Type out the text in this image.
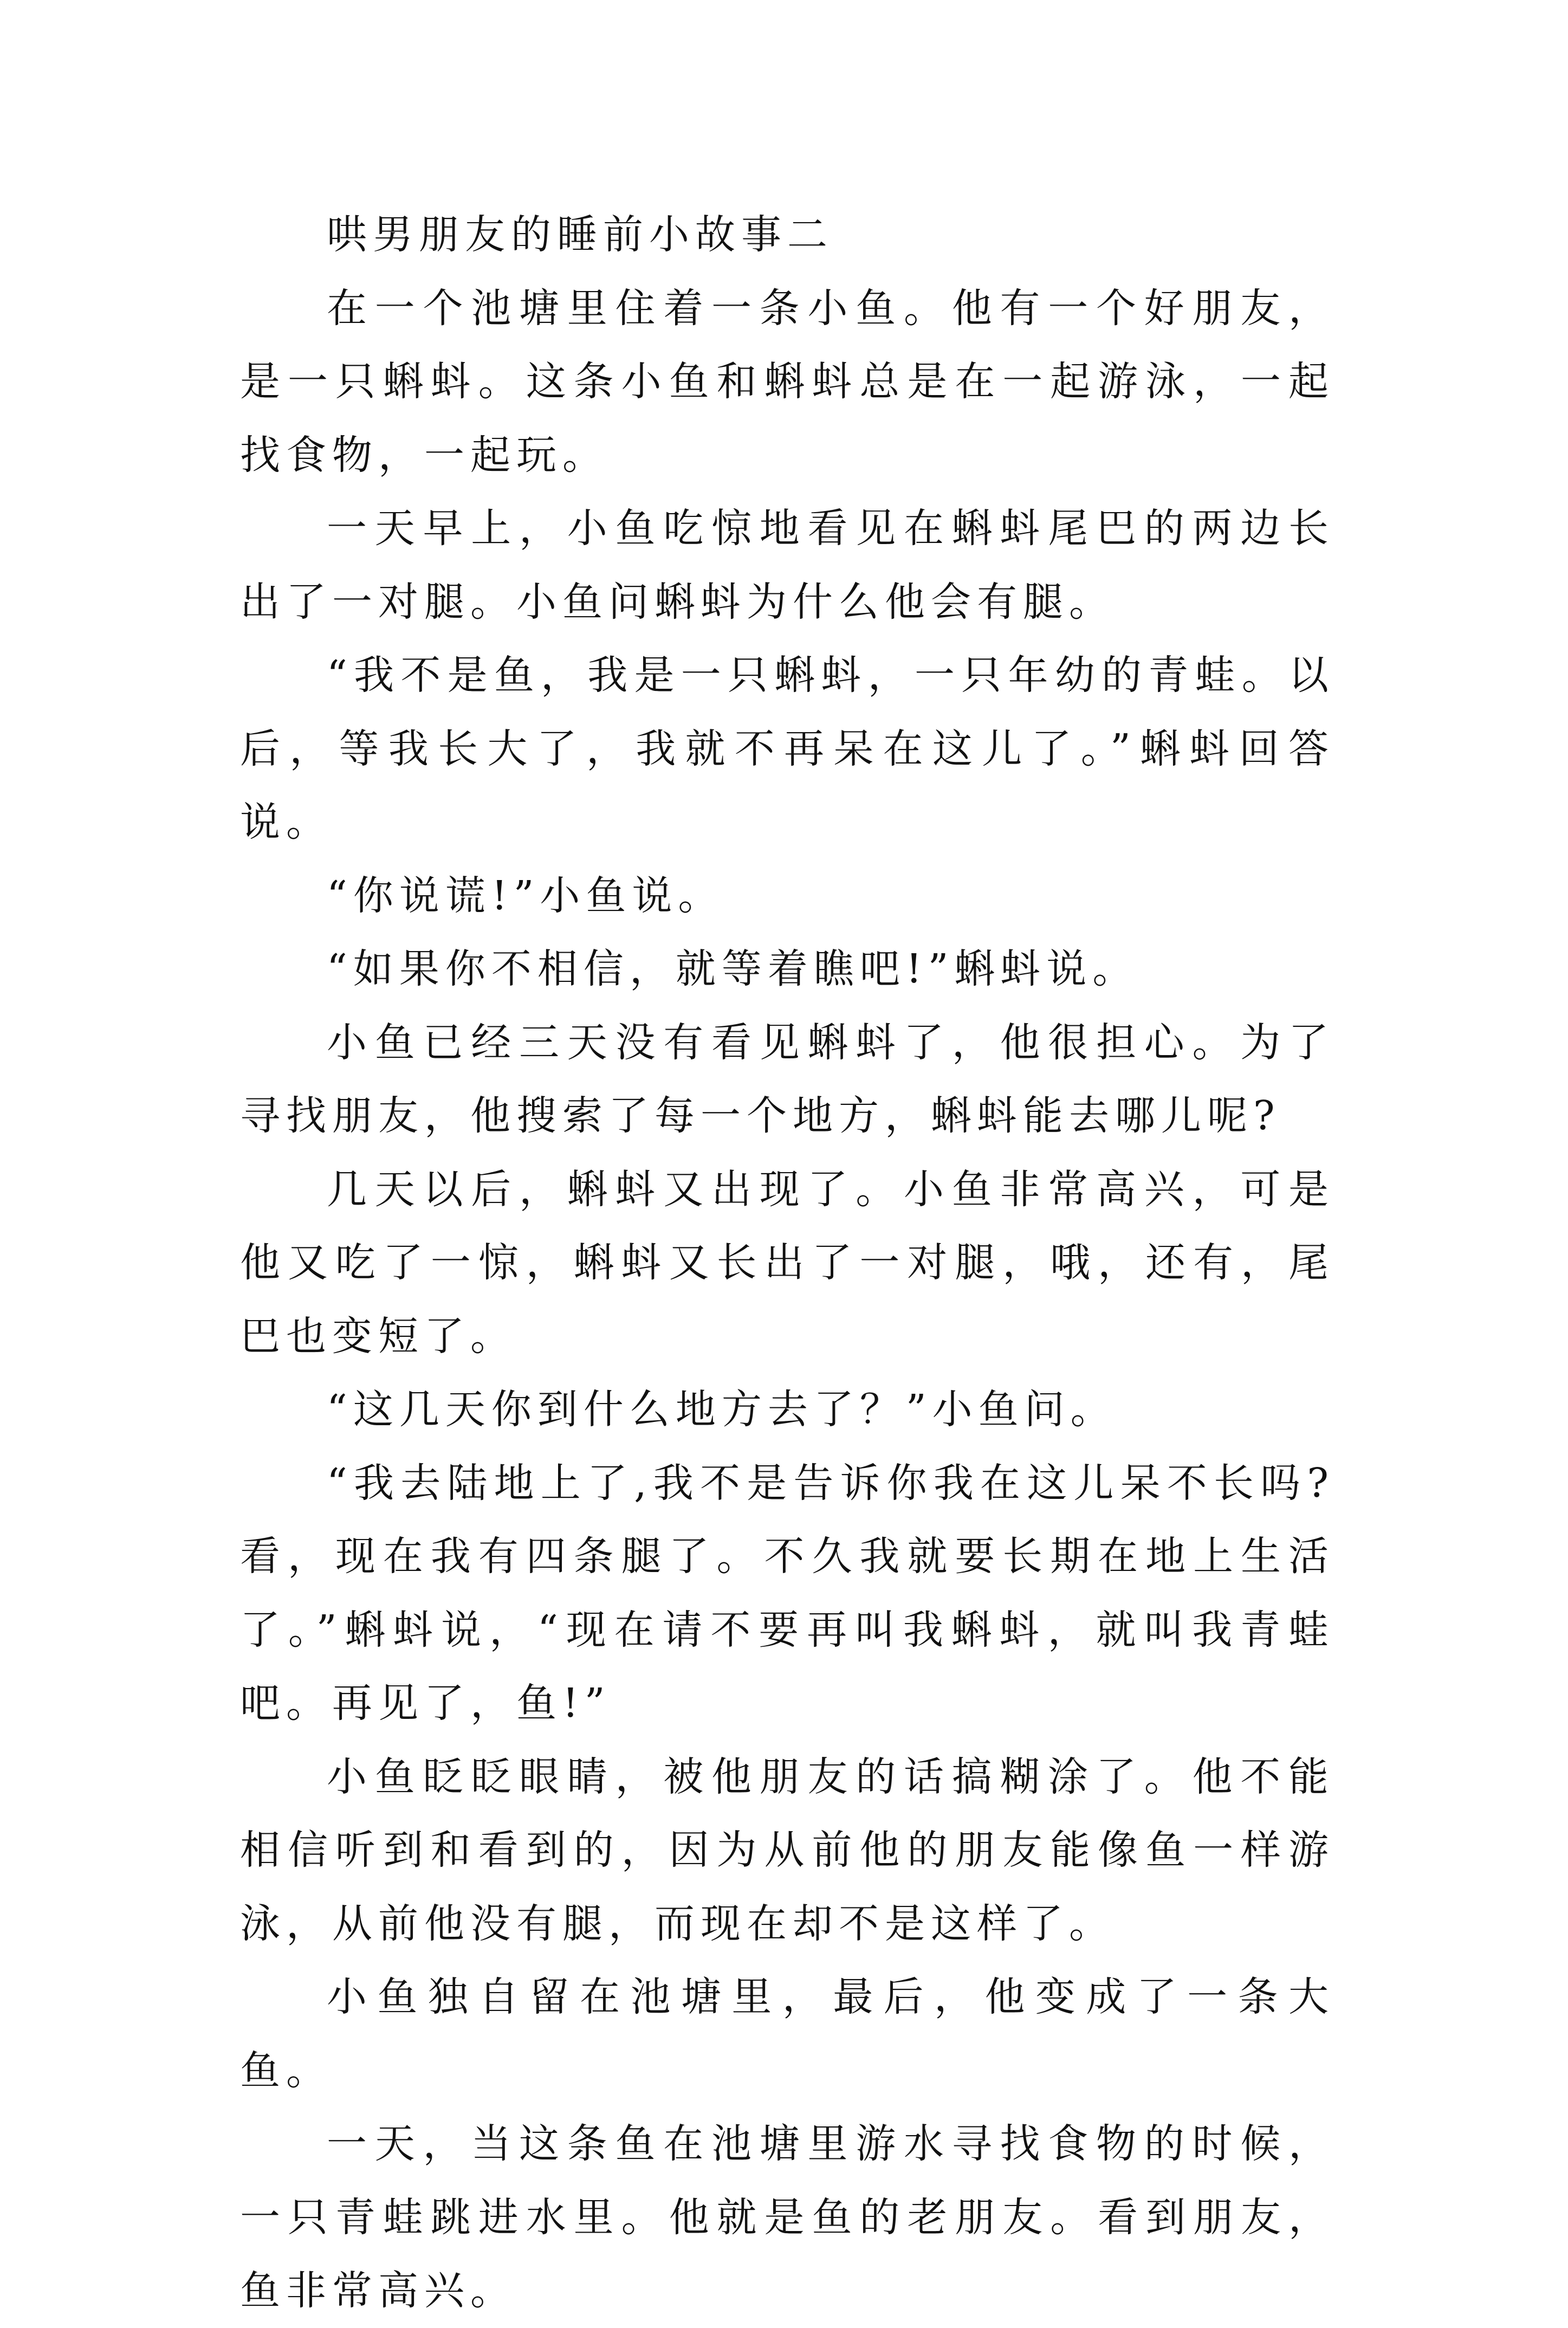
哄男朋友的睡前小故事二

在一个池塘里住着一条小鱼。他有一个好朋友，是一只蝌蚪。这条小鱼和蝌蚪总是在一起游泳，一起找食物，一起玩。

一天早上，小鱼吃惊地看见在蝌蚪尾巴的两边长出了一对腿。小鱼问蝌蚪为什么他会有腿。

“我不是鱼，我是一只蝌蚪，一只年幼的青蛙。以后，等我长大了，我就不再呆在这儿了。”蝌蚪回答说。

“你说谎!”小鱼说。

“如果你不相信，就等着瞧吧!”蝌蚪说。

小鱼已经三天没有看见蝌蚪了，他很担心。为了寻找朋友，他搜索了每一个地方，蝌蚪能去哪儿呢?

几天以后，蝌蚪又出现了。小鱼非常高兴，可是他又吃了一惊，蝌蚪又长出了一对腿，哦，还有，尾巴也变短了。

“这几天你到什么地方去了？”小鱼问。

“我去陆地上了,我不是告诉你我在这儿呆不长吗?看，现在我有四条腿了。不久我就要长期在地上生活了。”蝌蚪说，“现在请不要再叫我蝌蚪，就叫我青蛙吧。再见了，鱼!”

小鱼眨眨眼睛，被他朋友的话搞糊涂了。他不能相信听到和看到的，因为从前他的朋友能像鱼一样游泳，从前他没有腿，而现在却不是这样了。

小鱼独自留在池塘里，最后，他变成了一条大鱼。

一天，当这条鱼在池塘里游水寻找食物的时候，一只青蛙跳进水里。他就是鱼的老朋友。看到朋友，鱼非常高兴。
